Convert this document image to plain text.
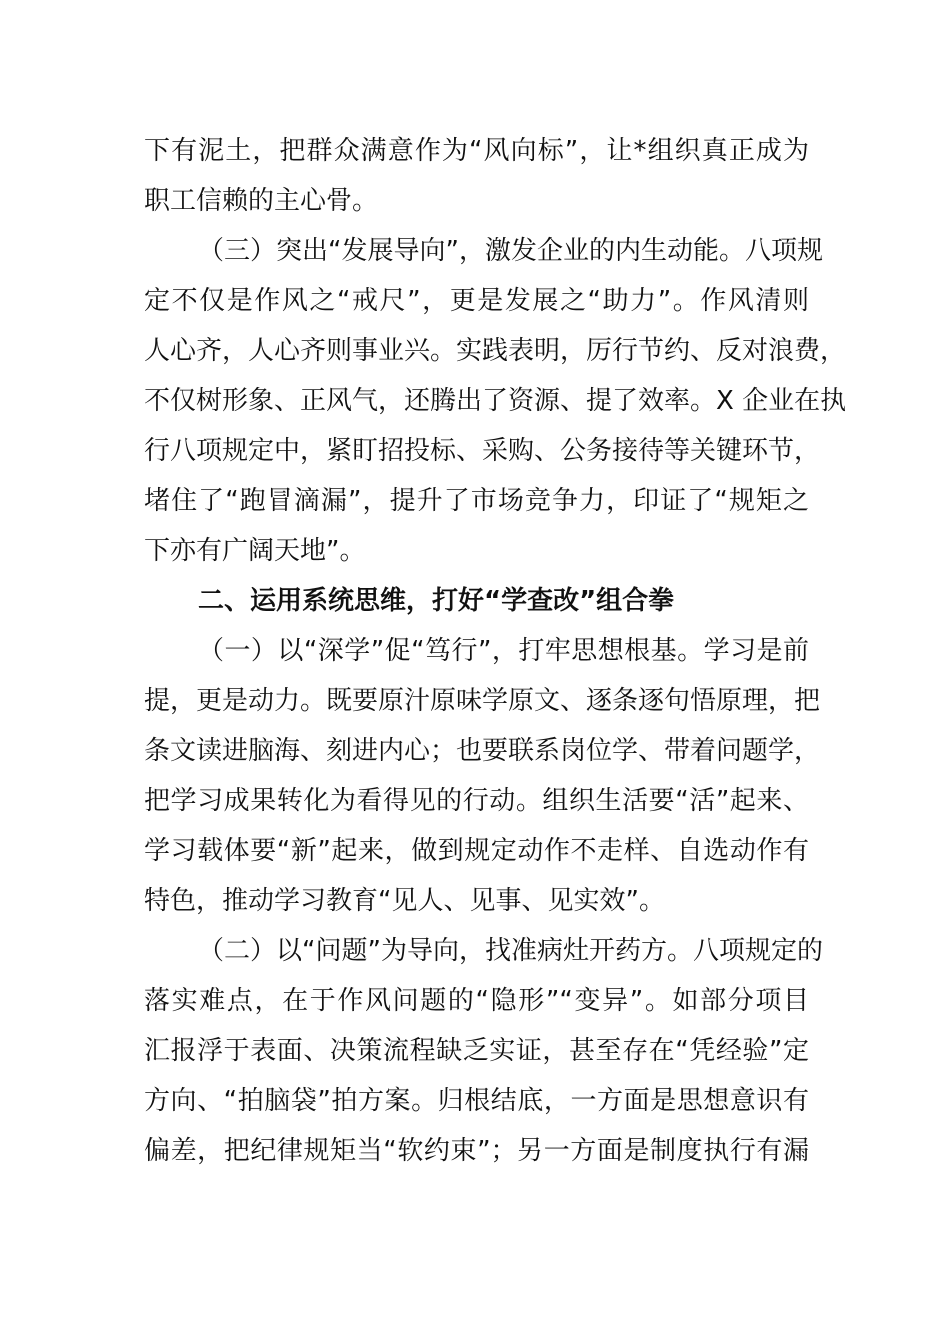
下有泥土，把群众满意作为“风向标”，让*组织真正成为
职工信赖的主心骨。
（三）突出“发展导向”，激发企业的内生动能。八项规
定不仅是作风之“戒尺”，更是发展之“助力”。作风清则
人心齐，人心齐则事业兴。实践表明，厉行节约、反对浪费，
不仅树形象、正风气，还腾出了资源、提了效率。X 企业在执
行八项规定中，紧盯招投标、采购、公务接待等关键环节，
堵住了“跑冒滴漏”，提升了市场竞争力，印证了“规矩之
下亦有广阔天地”。
二、运用系统思维，打好“学查改”组合拳
（一）以“深学”促“笃行”，打牢思想根基。学习是前
提，更是动力。既要原汁原味学原文、逐条逐句悟原理，把
条文读进脑海、刻进内心；也要联系岗位学、带着问题学，
把学习成果转化为看得见的行动。组织生活要“活”起来、
学习载体要“新”起来，做到规定动作不走样、自选动作有
特色，推动学习教育“见人、见事、见实效”。
（二）以“问题”为导向，找准病灶开药方。八项规定的
落实难点，在于作风问题的“隐形”“变异”。如部分项目
汇报浮于表面、决策流程缺乏实证，甚至存在“凭经验”定
方向、“拍脑袋”拍方案。归根结底，一方面是思想意识有
偏差，把纪律规矩当“软约束”；另一方面是制度执行有漏
